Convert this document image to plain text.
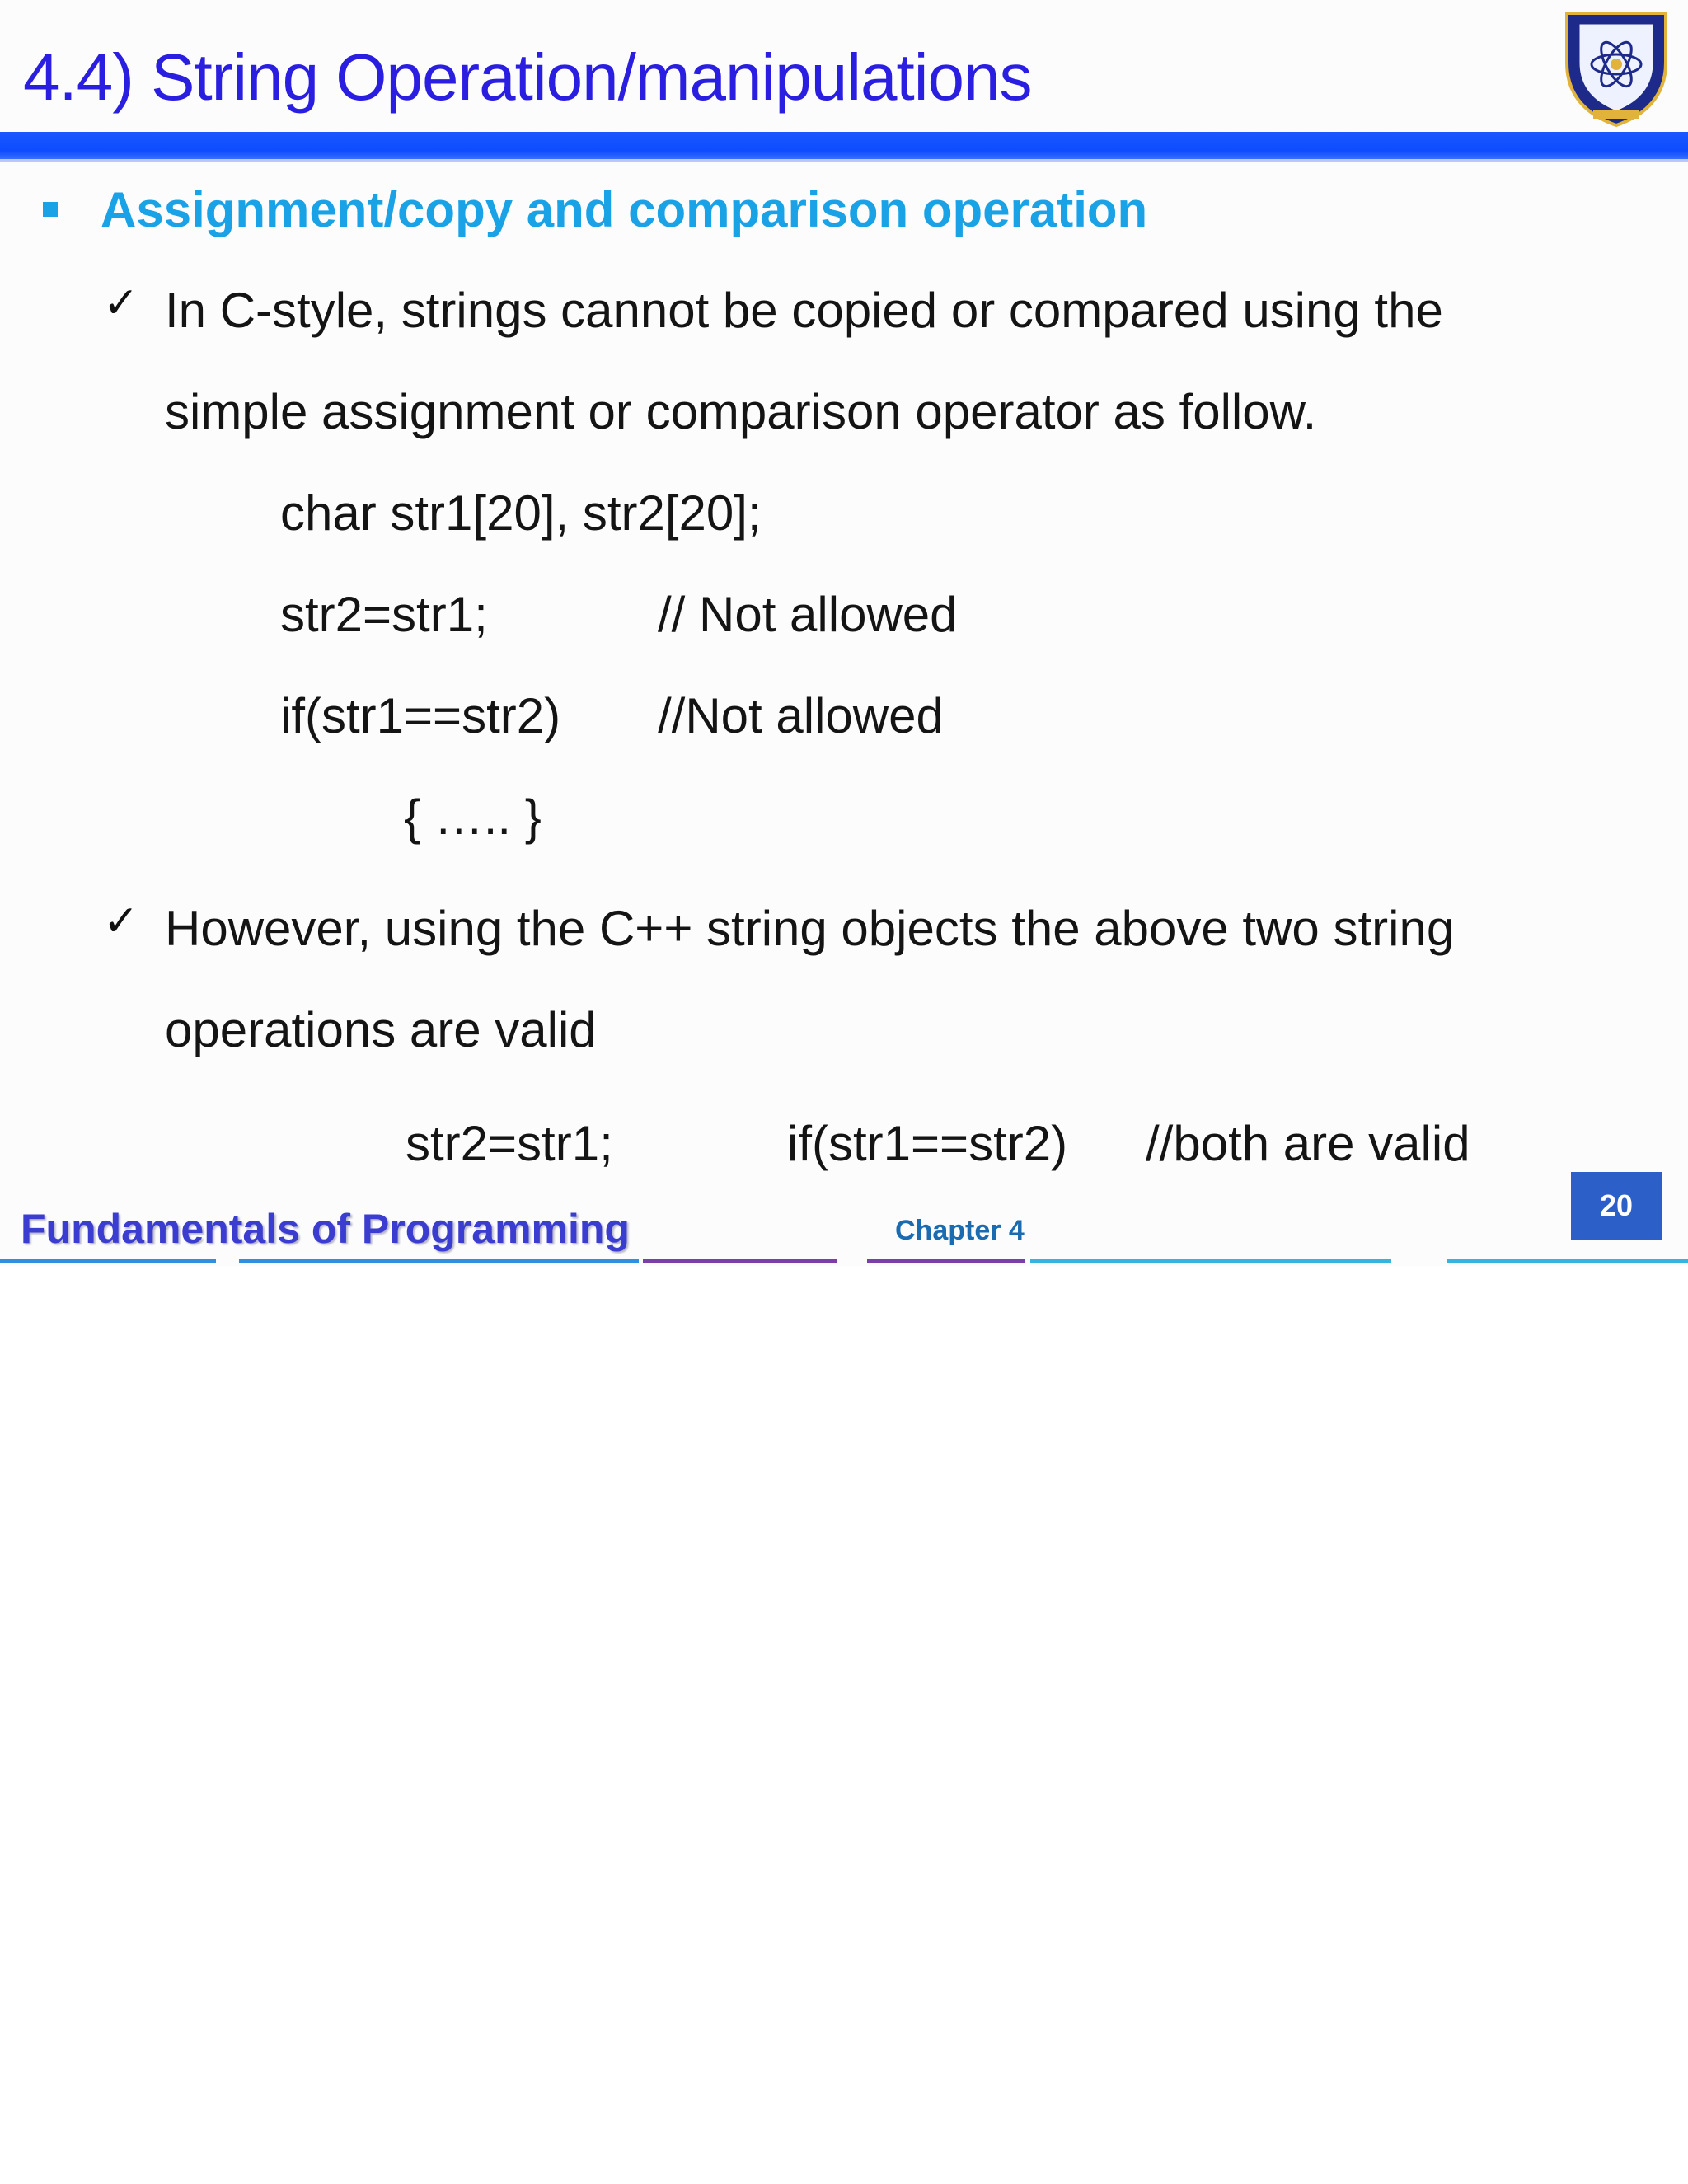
4.4) String Operation/manipulations
Assignment/copy and comparison operation
✓ In C-style, strings cannot be copied or compared using the
simple assignment or comparison operator as follow.
char str1[20], str2[20];
str2=str1;	// Not allowed
if(str1==str2) //Not allowed
{ ….. }
✓ However, using the C++ string objects the above two string
operations are valid
str2=str1;	if(str1==str2) //both are valid
20
Fundamentals of Programming	Chapter 4
